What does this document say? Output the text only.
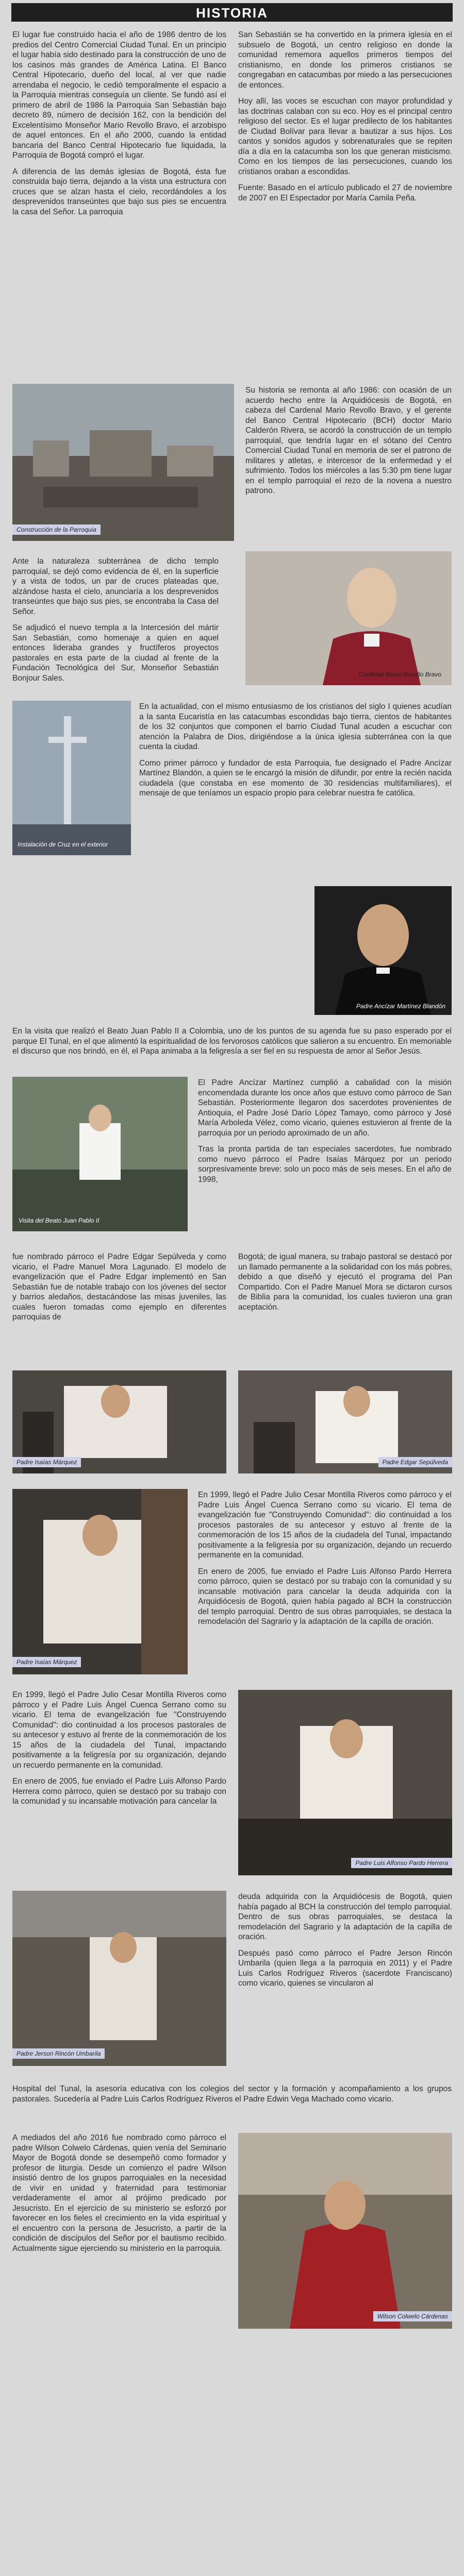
HISTORIA

El lugar fue construido hacia el año de 1986 dentro de los predios del Centro Comercial Ciudad Tunal. En un principio el lugar había sido destinado para la construcción de uno de los casinos más grandes de América Latina. El Banco Central Hipotecario, dueño del local, al ver que nadie arrendaba el negocio, le cedió temporalmente el espacio a la Parroquia mientras conseguía un cliente. Se fundó así el primero de abril de 1986 la Parroquia San Sebastián bajo decreto 89, número de decisión 162, con la bendición del Excelentísimo Monseñor Mario Revollo Bravo, el arzobispo de aquel entonces. En el año 2000, cuando la entidad bancaria del Banco Central Hipotecario fue liquidada, la Parroquia de Bogotá compró el lugar.

A diferencia de las demás iglesias de Bogotá, ésta fue construida bajo tierra, dejando a la vista una estructura con cruces que se alzan hasta el cielo, recordándoles a los desprevenidos transeúntes que bajo sus pies se encuentra la casa del Señor. La parroquia

San Sebastián se ha convertido en la primera iglesia en el subsuelo de Bogotá, un centro religioso en donde la comunidad rememora aquellos primeros tiempos del cristianismo, en donde los primeros cristianos se congregaban en catacumbas por miedo a las persecuciones de entonces.

Hoy allí, las voces se escuchan con mayor profundidad y las doctrinas calaban con su eco. Hoy es el principal centro religioso del sector. Es el lugar predilecto de los habitantes de Ciudad Bolívar para llevar a bautizar a sus hijos. Los cantos y sonidos agudos y sobrenaturales que se repiten día a día en la catacumba son los que generan misticismo. Como en los tiempos de las persecuciones, cuando los cristianos oraban a escondidas.

Fuente: Basado en el artículo publicado el 27 de noviembre de 2007 en El Espectador por María Camila Peña.

Construcción de la Parroquia

Su historia se remonta al año 1986: con ocasión de un acuerdo hecho entre la Arquidiócesis de Bogotá, en cabeza del Cardenal Mario Revollo Bravo, y el gerente del Banco Central Hipotecario (BCH) doctor Mario Calderón Rivera, se acordó la construcción de un templo parroquial, que tendría lugar en el sótano del Centro Comercial Ciudad Tunal en memoria de ser el patrono de militares y atletas, e intercesor de la enfermedad y el sufrimiento. Todos los miércoles a las 5:30 pm tiene lugar en el templo parroquial el rezo de la novena a nuestro patrono.

Ante la naturaleza subterránea de dicho templo parroquial, se dejó como evidencia de él, en la superficie y a vista de todos, un par de cruces plateadas que, alzándose hasta el cielo, anunciaría a los desprevenidos transeúntes que bajo sus pies, se encontraba la Casa del Señor.

Se adjudicó el nuevo templa a la Intercesión del mártir San Sebastián, como homenaje a quien en aquel entonces lideraba grandes y fructíferos proyectos pastorales en esta parte de la ciudad al frente de la Fundación Tecnológica del Sur, Monseñor Sebastián Bonjour Sales.	Cardenal Mario Revollo Bravo
Instalación de Cruz en el exterior

En la actualidad, con el mismo entusiasmo de los cristianos del siglo I quienes acudían a la santa Eucaristía en las catacumbas escondidas bajo tierra, cientos de habitantes de los 32 conjuntos que componen el barrio Ciudad Tunal acuden a escuchar con atención la Palabra de Dios, dirigiéndose a la única iglesia subterránea con la que cuenta la ciudad.

Como primer párroco y fundador de esta Parroquia, fue designado el Padre Ancízar Martínez Blandón, a quien se le encargó la misión de difundir, por entre la recién nacida ciudadela (que constaba en ese momento de 30 residencias multifamiliares), el mensaje de que teníamos un espacio propio para celebrar nuestra fe católica.

Padre Ancízar Martínez Blandón

En la visita que realizó el Beato Juan Pablo II a Colombia, uno de los puntos de su agenda fue su paso esperado por el parque El Tunal, en el que alimentó la espiritualidad de los fervorosos católicos que salieron a su encuentro. En memoriable el discurso que nos brindó, en él, el Papa animaba a la feligresía a ser fiel en su respuesta de amor al Señor Jesús.

Visita del Beato Juan Pablo II

El Padre Ancízar Martínez cumplió a cabalidad con la misión encomendada durante los once años que estuvo como párroco de San Sebastián. Posteriormente llegaron dos sacerdotes provenientes de Antioquia, el Padre José Darío López Tamayo, como párroco y José María Arboleda Vélez, como vicario, quienes estuvieron al frente de la parroquia por un periodo aproximado de un año.

Tras la pronta partida de tan especiales sacerdotes, fue nombrado como nuevo párroco el Padre Isaías Márquez por un periodo sorpresivamente breve: solo un poco más de seis meses. En el año de 1998,

fue nombrado párroco el Padre Edgar Sepúlveda y como vicario, el Padre Manuel Mora Lagunado. El modelo de evangelización que el Padre Edgar implementó en San Sebastián fue de notable trabajo con los jóvenes del sector y barrios aledaños, destacándose las misas juveniles, las cuales fueron tomadas como ejemplo en diferentes parroquias de

Bogotá; de igual manera, su trabajo pastoral se destacó por un llamado permanente a la solidaridad con los más pobres, debido a que diseñó y ejecutó el programa del Pan Compartido. Con el Padre Manuel Mora se dictaron cursos de Biblia para la comunidad, los cuales tuvieron una gran aceptación.

Padre Isaías Márquez	Padre Edgar Sepúlveda
Padre Isaías Márquez

En 1999, llegó el Padre Julio Cesar Montilla Riveros como párroco y el Padre Luis Ángel Cuenca Serrano como su vicario. El tema de evangelización fue "Construyendo Comunidad": dio continuidad a los procesos pastorales de su antecesor y estuvo al frente de la conmemoración de los 15 años de la ciudadela del Tunal, impactando positivamente a la feligresía por su organización, dejando un recuerdo permanente en la comunidad.

En enero de 2005, fue enviado el Padre Luis Alfonso Pardo Herrera como párroco, quien se destacó por su trabajo con la comunidad y su incansable motivación para cancelar la deuda adquirida con la Arquidiócesis de Bogotá, quien había pagado al BCH la construcción del templo parroquial. Dentro de sus obras parroquiales, se destaca la remodelación del Sagrario y la adaptación de la capilla de oración.

En 1999, llegó el Padre Julio Cesar Montilla Riveros como párroco y el Padre Luis Ángel Cuenca Serrano como su vicario. El tema de evangelización fue "Construyendo Comunidad": dio continuidad a los procesos pastorales de su antecesor y estuvo al frente de la conmemoración de los 15 años de la ciudadela del Tunal, impactando positivamente a la feligresía por su organización, dejando un recuerdo permanente en la comunidad.

En enero de 2005, fue enviado el Padre Luis Alfonso Pardo Herrera como párroco, quien se destacó por su trabajo con la comunidad y su incansable motivación para cancelar la

Padre Luis Alfonso Pardo Herrera
Padre Jerson Rincón Umbarila

deuda adquirida con la Arquidiócesis de Bogotá, quien había pagado al BCH la construcción del templo parroquial. Dentro de sus obras parroquiales, se destaca la remodelación del Sagrario y la adaptación de la capilla de oración.

Después pasó como párroco el Padre Jerson Rincón Umbarila (quien llega a la parroquia en 2011) y el Padre Luis Carlos Rodríguez Riveros (sacerdote Franciscano) como vicario, quienes se vincularon al

Hospital del Tunal, la asesoría educativa con los colegios del sector y la formación y acompañamiento a los grupos pastorales. Sucedería al Padre Luis Carlos Rodríguez Riveros el Padre Edwin Vega Machado como vicario.

A mediados del año 2016 fue nombrado como párroco el padre Wilson Colwelo Cárdenas, quien venía del Seminario Mayor de Bogotá donde se desempeñó como formador y profesor de liturgia. Desde un comienzo el padre Wilson insistió dentro de los grupos parroquiales en la necesidad de vivir en unidad y fraternidad para testimoniar verdaderamente el amor al prójimo predicado por Jesucristo. En el ejercicio de su ministerio se esforzó por favorecer en los fieles el crecimiento en la vida espiritual y el encuentro con la persona de Jesucristo, a partir de la condición de discípulos del Señor por el bautismo recibido. Actualmente sigue ejerciendo su ministerio en la parroquia.

Wilson Colwelo Cárdenas
